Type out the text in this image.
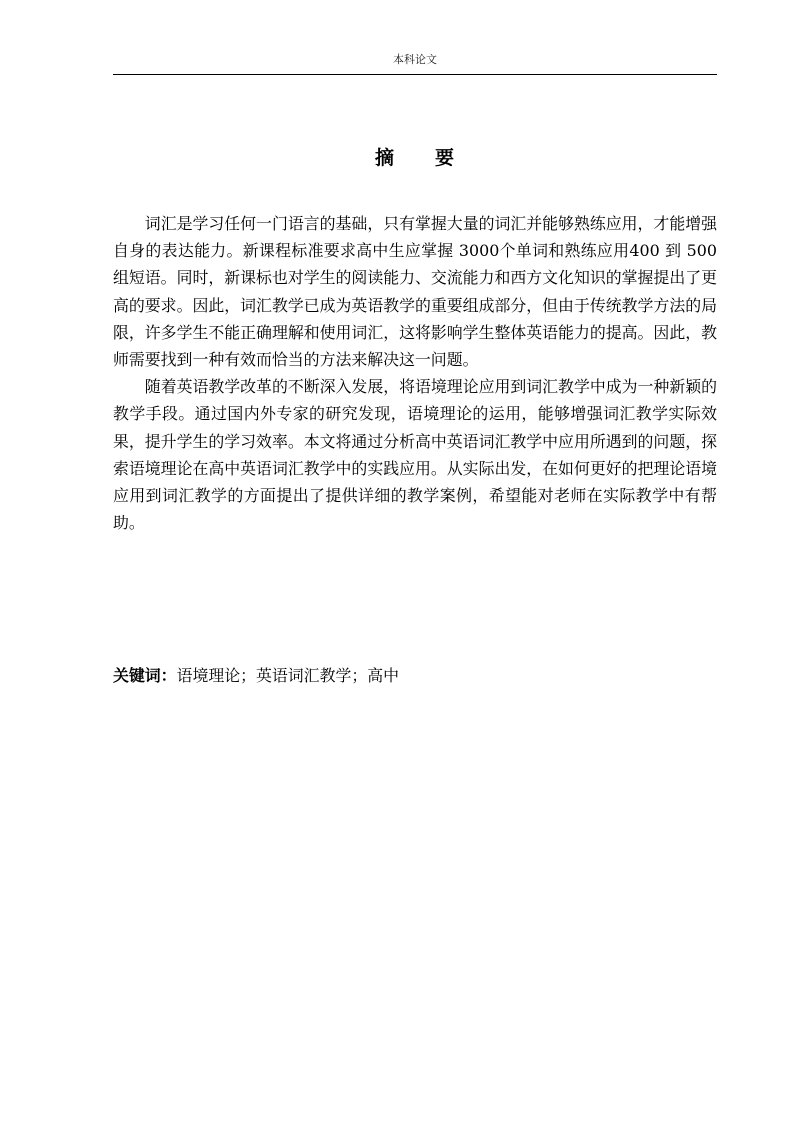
本科论文
摘 要

词汇是学习任何一门语言的基础，只有掌握大量的词汇并能够熟练应用，才能增强自身的表达能力。新课程标准要求高中生应掌握 3000个单词和熟练应用400 到 500组短语。同时，新课标也对学生的阅读能力、交流能力和西方文化知识的掌握提出了更高的要求。因此，词汇教学已成为英语教学的重要组成部分，但由于传统教学方法的局限，许多学生不能正确理解和使用词汇，这将影响学生整体英语能力的提高。因此，教师需要找到一种有效而恰当的方法来解决这一问题。

随着英语教学改革的不断深入发展，将语境理论应用到词汇教学中成为一种新颖的教学手段。通过国内外专家的研究发现，语境理论的运用，能够增强词汇教学实际效果，提升学生的学习效率。本文将通过分析高中英语词汇教学中应用所遇到的问题，探索语境理论在高中英语词汇教学中的实践应用。从实际出发，在如何更好的把理论语境应用到词汇教学的方面提出了提供详细的教学案例，希望能对老师在实际教学中有帮助。

关键词：语境理论；英语词汇教学；高中
